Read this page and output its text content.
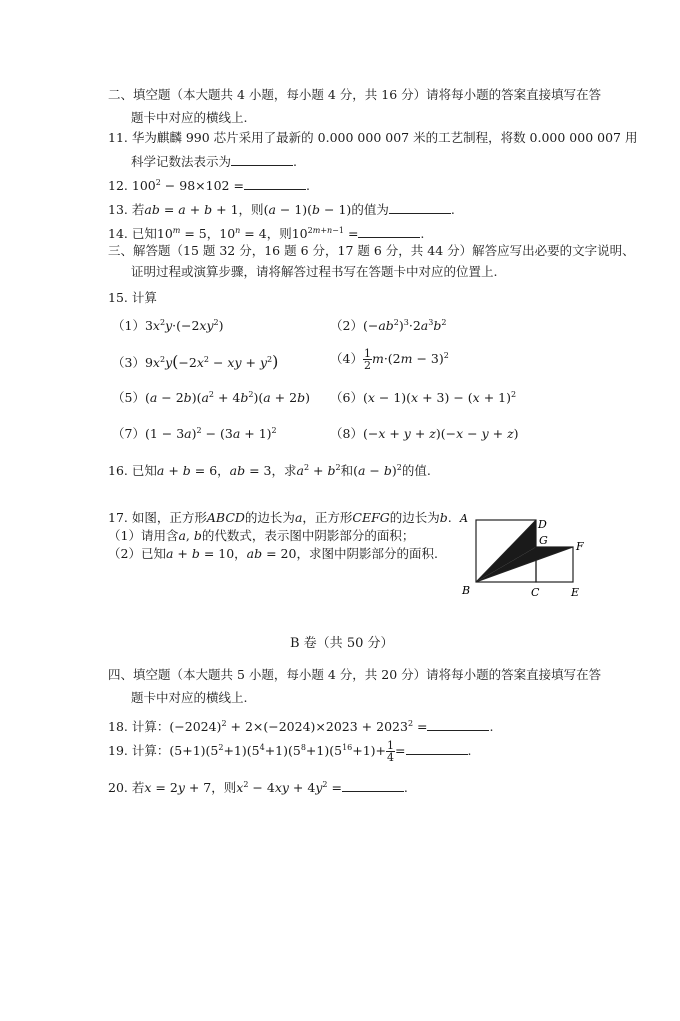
二、填空题（本大题共 4 小题，每小题 4 分，共 16 分）请将每小题的答案直接填写在答
题卡中对应的横线上.
11. 华为麒麟 990 芯片采用了最新的 0.000 000 007 米的工艺制程，将数 0.000 000 007 用
科学记数法表示为	.
12. $100^2 - 98\times 102$ =	.
13. 若ab = a + b + 1，则(a − 1)(b − 1)的值为	.
14. 已知$10^m = 5$，$10^n = 4$，则$10^{2m+n-1}$ =	.
三、解答题（15 题 32 分，16 题 6 分，17 题 6 分，共 44 分）解答应写出必要的文字说明、
证明过程或演算步骤，请将解答过程书写在答题卡中对应的位置上.
15. 计算
$(1)3x^2y\cdot(-2xy^2)$	$(2)(-ab^2)^3\cdot 2a^3b^2$
$(3)9x^2y(-2x^2$ − xy + $y^2$)	$(4) \frac{1}{2} m\cdot(2m - 3)^2$
$(5)(a - 2b)(a^2 + 4b^2)(a + 2b)$ $(6)(x - 1)(x + 3) - (x + 1)^2$
$(7)(1 - 3a)^2 - (3a + 1)^2$	（8）(−x + y + z)(−x − y + z)
16. 已知a + b = 6，ab = 3，求$a^2 + b^2$和$(a - b)^2$的值.
17. 如图，正方形ABCD的边长为a，正方形CEFG的边长为b.
（1）请用含a, b的代数式，表示图中阴影部分的面积；
（2）已知a + b = 10，ab = 20，求图中阴影部分的面积.
A	D
G	F
B	C	E
B 卷（共 50 分）
四、填空题（本大题共 5 小题，每小题 4 分，共 20 分）请将每小题的答案直接填写在答
题卡中对应的横线上.
18. 计算：$(-2024)^2 + 2\times(-2024)\times 2023 + 2023^2$ =	.
19. 计算：$(5+1)(5^2+1)(5^4+1)(5^8+1)(5^{16}+1)+ \frac{1}{4}$ =	.
20. 若x = 2y + 7，则$x^2 - 4xy + 4y^2$ =	.
